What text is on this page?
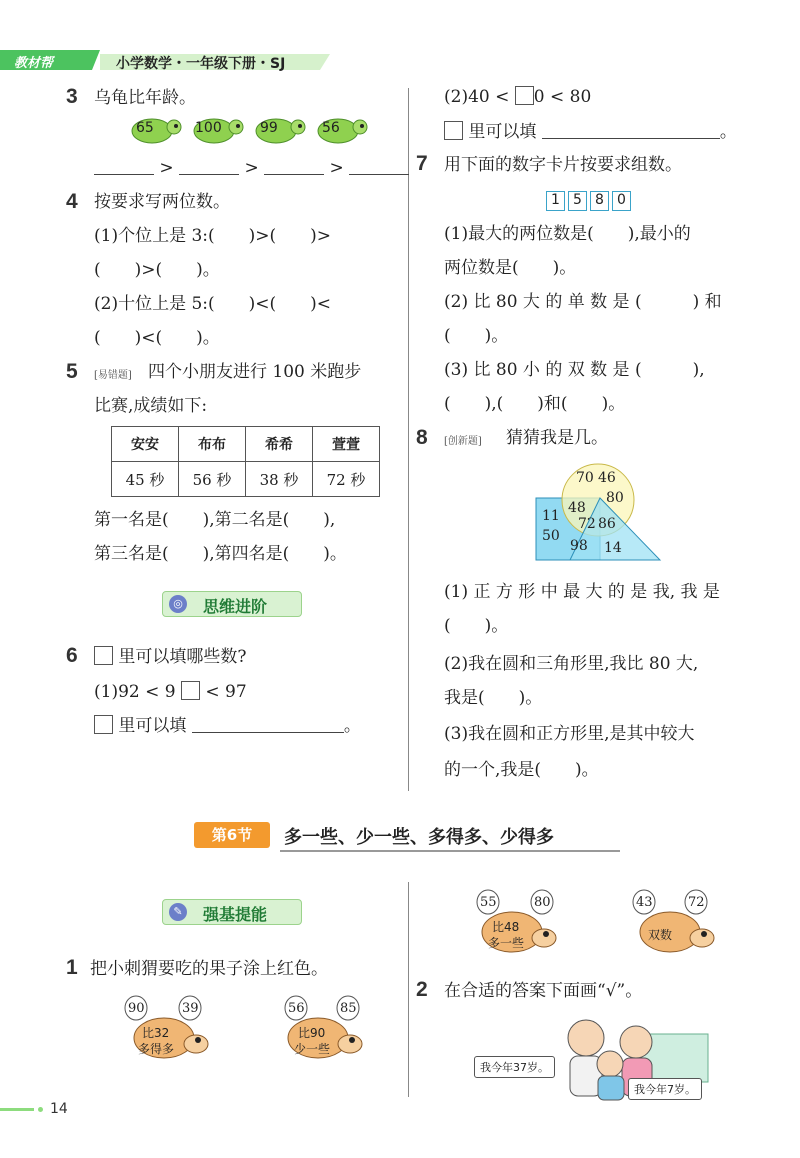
教材帮	小学数学・一年级下册・SJ
3 乌龟比年龄。
65	100	99	56
>	>	>
4 按要求写两位数。
(1)个位上是 3:(　　)>(　　)>
(　　)>(　　)。
(2)十位上是 5:(　　)<(　　)<
(　　)<(　　)。
5 [易错题] 四个小朋友进行 100 米跑步
比赛,成绩如下:
安安	布布	希希	萱萱
45 秒	56 秒	38 秒	72 秒
第一名是(　　),第二名是(　　),
第三名是(　　),第四名是(　　)。
◎ 思维进阶
6	里可以填哪些数?
(1)92 < 9 < 97
里可以填	。
(2)40 < 0 < 80
里可以填	。
7 用下面的数字卡片按要求组数。
1 5 8 0
(1)最大的两位数是(　　),最小的
两位数是(　　)。
(2) 比 80 大 的 单 数 是 (　　　) 和
(　　)。
(3) 比 80 小 的 双 数 是 (　　　),
(　　),(　　)和(　　)。
8 [创新题] 猜猜我是几。
70 46
80
11
50
48
72 86
98 14
(1) 正 方 形 中 最 大 的 是 我, 我 是
(　　)。
(2)我在圆和三角形里,我比 80 大,
我是(　　)。
(3)我在圆和正方形里,是其中较大
的一个,我是(　　)。
第6节	多一些、少一些、多得多、少得多
✎ 强基提能
1 把小刺猬要吃的果子涂上红色。
90	39
比32
多得多
56	85
比90
少一些
55	80
比48
多一些
43	72
双数
2 在合适的答案下面画“√”。
我今年37岁。
我今年7岁。
14
